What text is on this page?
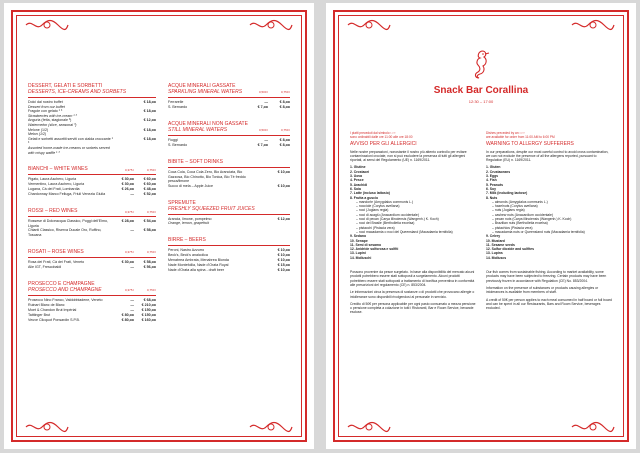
DESSERT, GELATI E SORBETTI
DESSERTS, ICE-CREAMS AND SORBETS
Dolci dal nostro buffet
Dessert from our buffet
€ 18,oo
Fragole con gelato ¹ ³
Strawberries with ice-cream ¹ ³
€ 18,oo
Anguria (fetta, stagionale ³)
Watermelon (slice, seasonal ³)
€ 12,oo
Melone (1/2)
Melon (1/2)
€ 18,oo
Gelati e sorbetti assortiti serviti con cialda croccante ¹ ³
Assorted home-made ice-creams or sorbets served with crispy waffle ¹ ³
€ 18,oo
BIANCHI – WHITE WINES	0,375 l	0,750 l
Pigato, Laura Aschero, Liguria	€ 30,oo	€ 60,oo
Vermentino, Laura Aschero, Liguria	€ 30,oo	€ 60,oo
Lugana, Cà dei Frati, Lombardia	€ 26,oo	€ 48,oo
Chardonnay Marco Felluga, Friuli Venezia Giulia	—	€ 52,oo
ROSSI – RED WINES	0,375 l	0,750 l
Rossese di Dolceacqua Classico, Poggi dell'Elmo, Liguria
€ 28,oo	€ 54,oo
Chianti Classico, Riserva Ducale Oro, Ruffino, Toscana
—	€ 58,oo
ROSATI – ROSE WINES	0,375 l	0,750 l
Rosa dei Frati, Cà dei Frati, Veneto	€ 30,oo	€ 58,oo
Alie IGT, Frescobaldi	—	€ 56,oo
PROSECCO E CHAMPAGNE
PROSECCO AND CHAMPAGNE	0,375 l	0,750 l
Prosecco Nino Franco, Valdobbiadene, Veneto	—	€ 68,oo
Ruinart Blanc de Blanc	—	€ 210,oo
Moet & Chandon Brut Impérial	—	€ 150,oo
Taittinger Brut	€ 80,oo	€ 150,oo
Veuve Clicquot Ponsardin S.P.B.	€ 80,oo	€ 160,oo
ACQUE MINERALI GASSATE
SPARKLING MINERAL WATERS	0,500 l	0,750 l
Ferrarelle	—	€ 8,oo
S. Bernardo	€ 7,oo	€ 8,oo
ACQUE MINERALI NON GASSATE
STILL MINERAL WATERS	0,500 l	0,750 l
Fiuggi	—	€ 8,oo
S. Bernardo	€ 7,oo	€ 8,oo
BIBITE – SOFT DRINKS
Coca Cola, Coca Cola Zero, Bio Aranciata, Bio Gazzosa, Bio Chinotto, Bio Tonica, Bio Tè freddo pesca/limone
€ 10,oo
Succo di mela – Apple Juice	€ 10,oo
SPREMUTE
FRESHLY SQUEEZED FRUIT JUICES
Arancia, limone, pompelmo
Orange, lemon, grapefruit
€ 12,oo
BIRRE – BEERS
Peroni, Nastro Azzurro	€ 10,oo
Beck's, Beck's analcolica	€ 10,oo
Menabrea Ambrata, Menabrea Bionda	€ 10,oo
Nade Montefollia, Nade d'Orata Royal	€ 15,oo
Nade d'Orata alla spina - draft beer	€ 10,oo
Snack Bar Corallina
12:30 – 17:00
I piatti preceduti dal simbolo ¹ ² ³
sono ordinabili dalle ore 11:00 alle ore 18:00
AVVISO PER GLI ALLERGICI
Nelle nostre preparazioni, nonostante il nostro più attento controllo per evitare contaminazioni crociate, non si può escludere la presenza di tutti gli allergeni riportati, ai sensi del Regolamento (UE) n. 1169/2011.
1. Glutine
2. Crostacei
3. Uova
4. Pesce
5. Arachidi
6. Soia
7. Latte (incluso lattosio)
8. Frutta a guscio
– mandorle (Amygdalus communis L.)
– nocciole (Corylus avellana)
– noci (Juglans regia)
– noci di acagiù (Anacardium occidentale)
– noci di pecan (Carya illinoiensis (Wangenh.) K. Koch)
– noci del Brasile (Bertholletia excelsa)
– pistacchi (Pistacia vera)
– noci macadamia o noci del Queensland (Macadamia ternifolia)
9. Sedano
10. Senape
11. Semi di sesamo
12. Anidride solforosa e solfiti
13. Lupini
14. Molluschi
Possono provenire da pesce surgelato. In base alla disponibilità del mercato alcuni prodotti potrebbero essere stati sottoposti a surgelamento. Alcuni prodotti potrebbero essere stati sottoposti a trattamento di bonifica preventiva in conformità alle prescrizioni del regolamento (CE) n. 853/2004.
Le informazioni circa la presenza di sostanze o di prodotti che provocano allergie o intolleranze sono disponibili rivolgendosi al personale in servizio.
Credito di 50€ per persona applicabile per ogni pasto consumato a mezza pensione o pensione completa a colazione in tutti i Ristoranti, Bar e Room Service, bevande escluse.
Dishes preceded by an ¹ ² ³
are available for order from 11:00 AM to 6:00 PM
WARNING TO ALLERGY SUFFERERS
In our preparations, despite our most careful control to avoid cross contamination, we can not exclude the presence of all the allergens reported, pursuant to Regulation (EU) n. 1169/2011.
1. Gluten
2. Crustaceans
3. Eggs
4. Fish
5. Peanuts
6. Soy
7. Milk (including lactose)
8. Nuts
– almonds (Amygdalus communis L.)
– hazelnuts (Corylus avellana)
– nuts (Juglans regia)
– cashew nuts (Anacardium occidentale)
– pecan nuts (Carya illinoiensis (Wangenh.) K. Koch)
– Brazilian nuts (Bertholletia excelsa)
– pistachios (Pistacia vera)
– macadamia nuts or Queensland nuts (Macadamia ternifolia)
9. Celery
10. Mustard
11. Sesame seeds
12. Sulfur dioxide and sulfites
13. Lupins
14. Molluscs
Our fish comes from sustainable fishing. According to market availability, some products may have been subjected to freezing. Certain products may have been previously frozen in accordance with Regulation (CE) No. 853/2004.
Information on the presence of substances or products causing allergies or intolerances is available from members of staff.
A credit of 50€ per person applies to each meal consumed in half board or full board and can be spent in all our Restaurants, Bars and Room Service, beverages excluded.
